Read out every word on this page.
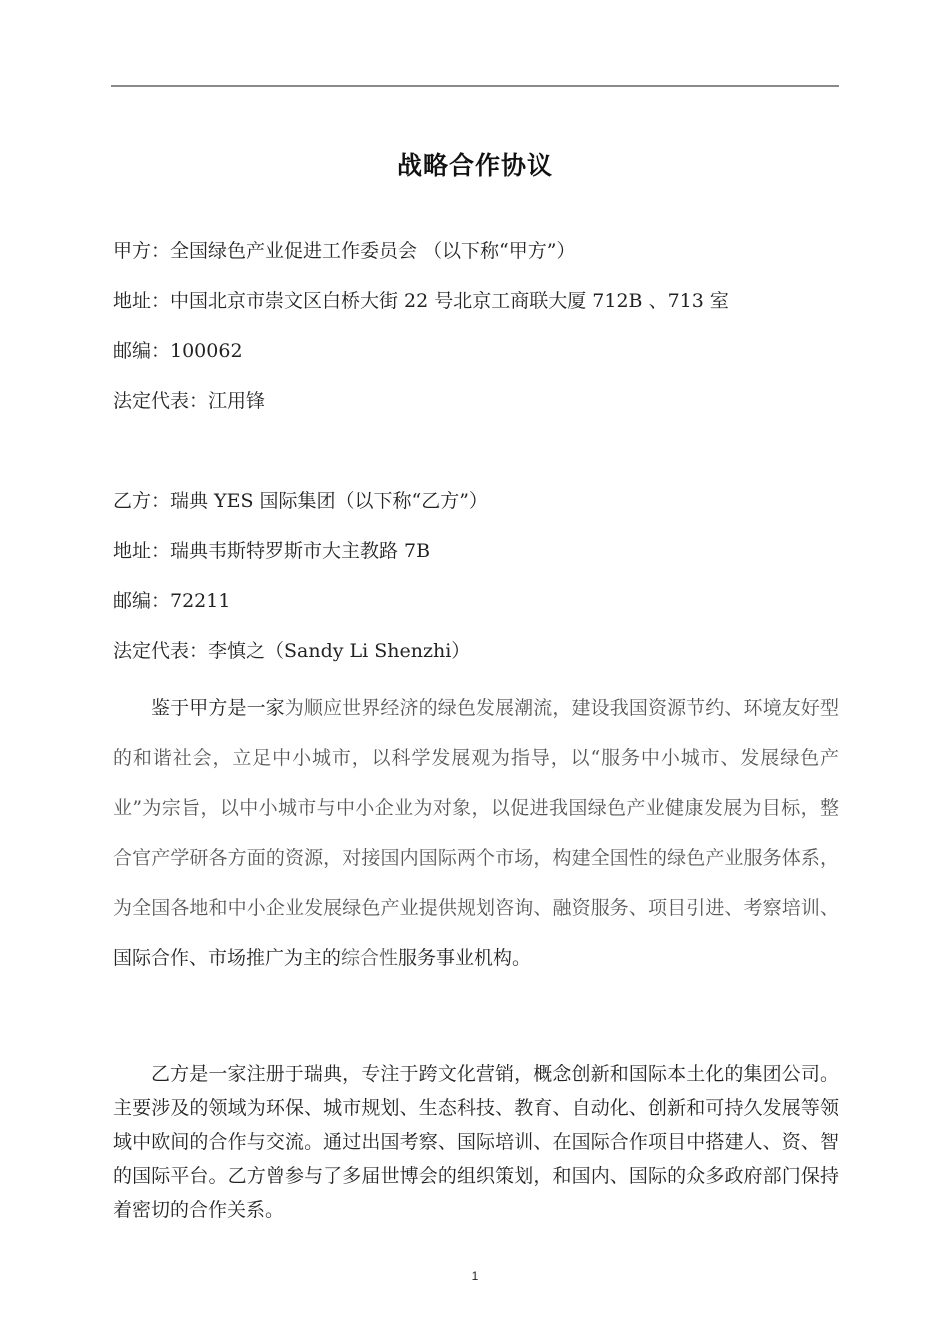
战略合作协议
甲方：全国绿色产业促进工作委员会 （以下称“甲方”）
地址：中国北京市崇文区白桥大街 22 号北京工商联大厦 712B 、713 室
邮编：100062
法定代表：江用锋
乙方：瑞典 YES 国际集团（以下称“乙方”）
地址：瑞典韦斯特罗斯市大主教路 7B
邮编：72211
法定代表：李慎之（Sandy Li Shenzhi）
鉴于甲方是一家为顺应世界经济的绿色发展潮流，建设我国资源节约、环境友好型的和谐社会，立足中小城市，以科学发展观为指导，以“服务中小城市、发展绿色产业”为宗旨，以中小城市与中小企业为对象，以促进我国绿色产业健康发展为目标，整合官产学研各方面的资源，对接国内国际两个市场，构建全国性的绿色产业服务体系，为全国各地和中小企业发展绿色产业提供规划咨询、融资服务、项目引进、考察培训、国际合作、市场推广为主的综合性服务事业机构。
乙方是一家注册于瑞典，专注于跨文化营销，概念创新和国际本土化的集团公司。主要涉及的领域为环保、城市规划、生态科技、教育、自动化、创新和可持久发展等领域中欧间的合作与交流。通过出国考察、国际培训、在国际合作项目中搭建人、资、智的国际平台。乙方曾参与了多届世博会的组织策划，和国内、国际的众多政府部门保持着密切的合作关系。
1
